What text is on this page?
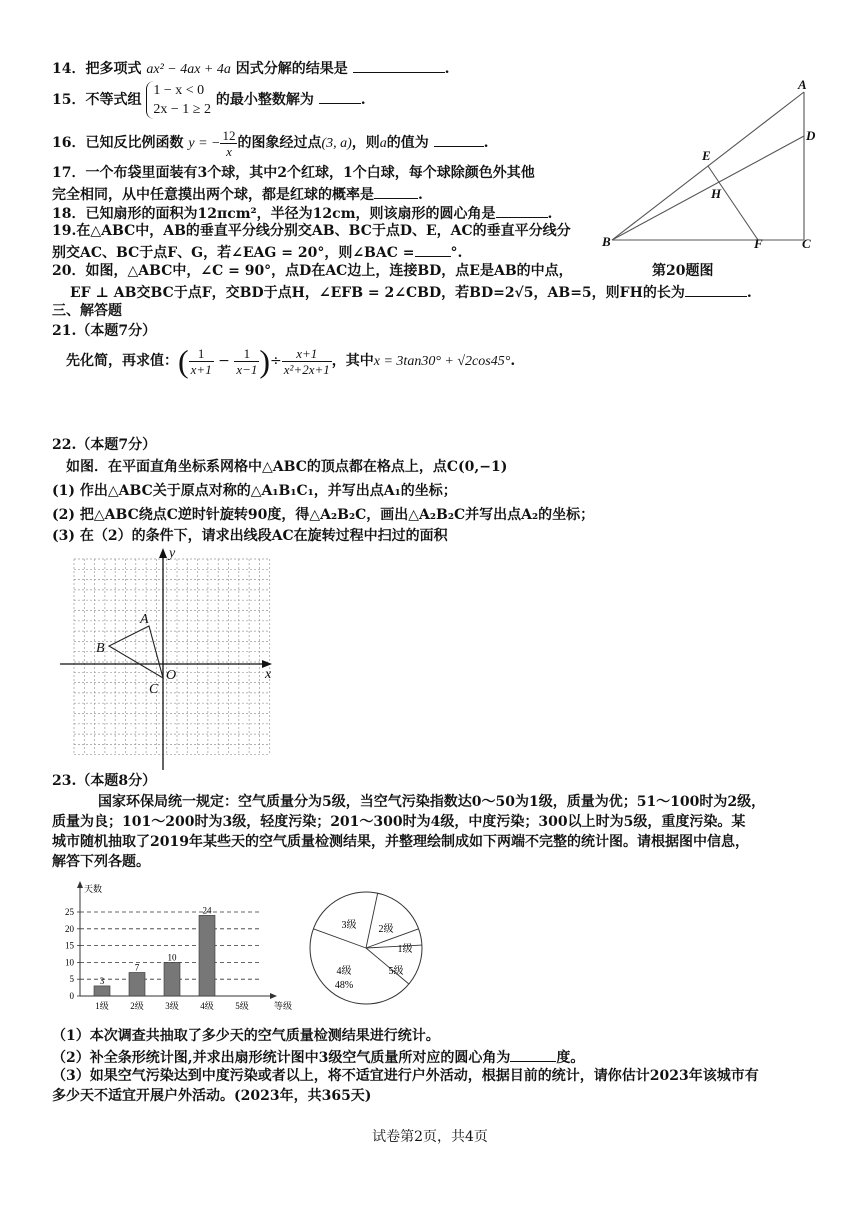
14．把多项式 ax² − 4ax + 4a 因式分解的结果是	.
15．不等式组
1 − x < 0
2x − 1 ≥ 2
的最小整数解为	.
16．已知反比例函数 y = − $\frac{12}{x}$ 的图象经过点(3, a)，则a的值为	.
17．一个布袋里面装有3个球，其中2个红球，1个白球，每个球除颜色外其他
完全相同，从中任意摸出两个球，都是红球的概率是	.
18．已知扇形的面积为12πcm²，半径为12cm，则该扇形的圆心角是	.
19.在△ABC中，AB的垂直平分线分别交AB、BC于点D、E，AC的垂直平分线分
别交AC、BC于点F、G，若∠EAG = 20°，则∠BAC =	°.
20．如图，△ABC中，∠C = 90°，点D在AC边上，连接BD，点E是AB的中点，	第20题图
EF ⊥ AB交BC于点F，交BD于点H，∠EFB = 2∠CBD，若BD=2√5，AB=5，则FH的长为	.
A
D
E
H
B	F	C
三、解答题
21.（本题7分）
先化简，再求值：( $\frac{1}{x+1} - \frac{1}{x-1}$ )÷ $\frac{x+1}{\text{x²+2x+1}}$ ，其中x = 3tan30° + √2cos45°.
22.（本题7分）
如图．在平面直角坐标系网格中△ABC的顶点都在格点上，点C(0,−1)
(1) 作出△ABC关于原点对称的△A₁B₁C₁，并写出点A₁的坐标；
(2) 把△ABC绕点C逆时针旋转90度，得△A₂B₂C，画出△A₂B₂C并写出点A₂的坐标；
(3) 在（2）的条件下，请求出线段AC在旋转过程中扫过的面积
y
x
A
B
O
C
23.（本题8分）
国家环保局统一规定：空气质量分为5级，当空气污染指数达0～50为1级，质量为优；51～100时为2级，
质量为良；101～200时为3级，轻度污染；201～300时为4级，中度污染；300以上时为5级，重度污染。某
城市随机抽取了2019年某些天的空气质量检测结果，并整理绘制成如下两端不完整的统计图。请根据图中信息，
解答下列各题。
天数
0
5
10
15
20
25
等级
3
1级
7
2级
10
3级
24
4级 5级
1级
2级
3级
4级	5级
48%
（1）本次调查共抽取了多少天的空气质量检测结果进行统计。
（2）补全条形统计图,并求出扇形统计图中3级空气质量所对应的圆心角为	度。
（3）如果空气污染达到中度污染或者以上，将不适宜进行户外活动，根据目前的统计，请你估计2023年该城市有
多少天不适宜开展户外活动。(2023年，共365天)
试卷第2页，共4页
